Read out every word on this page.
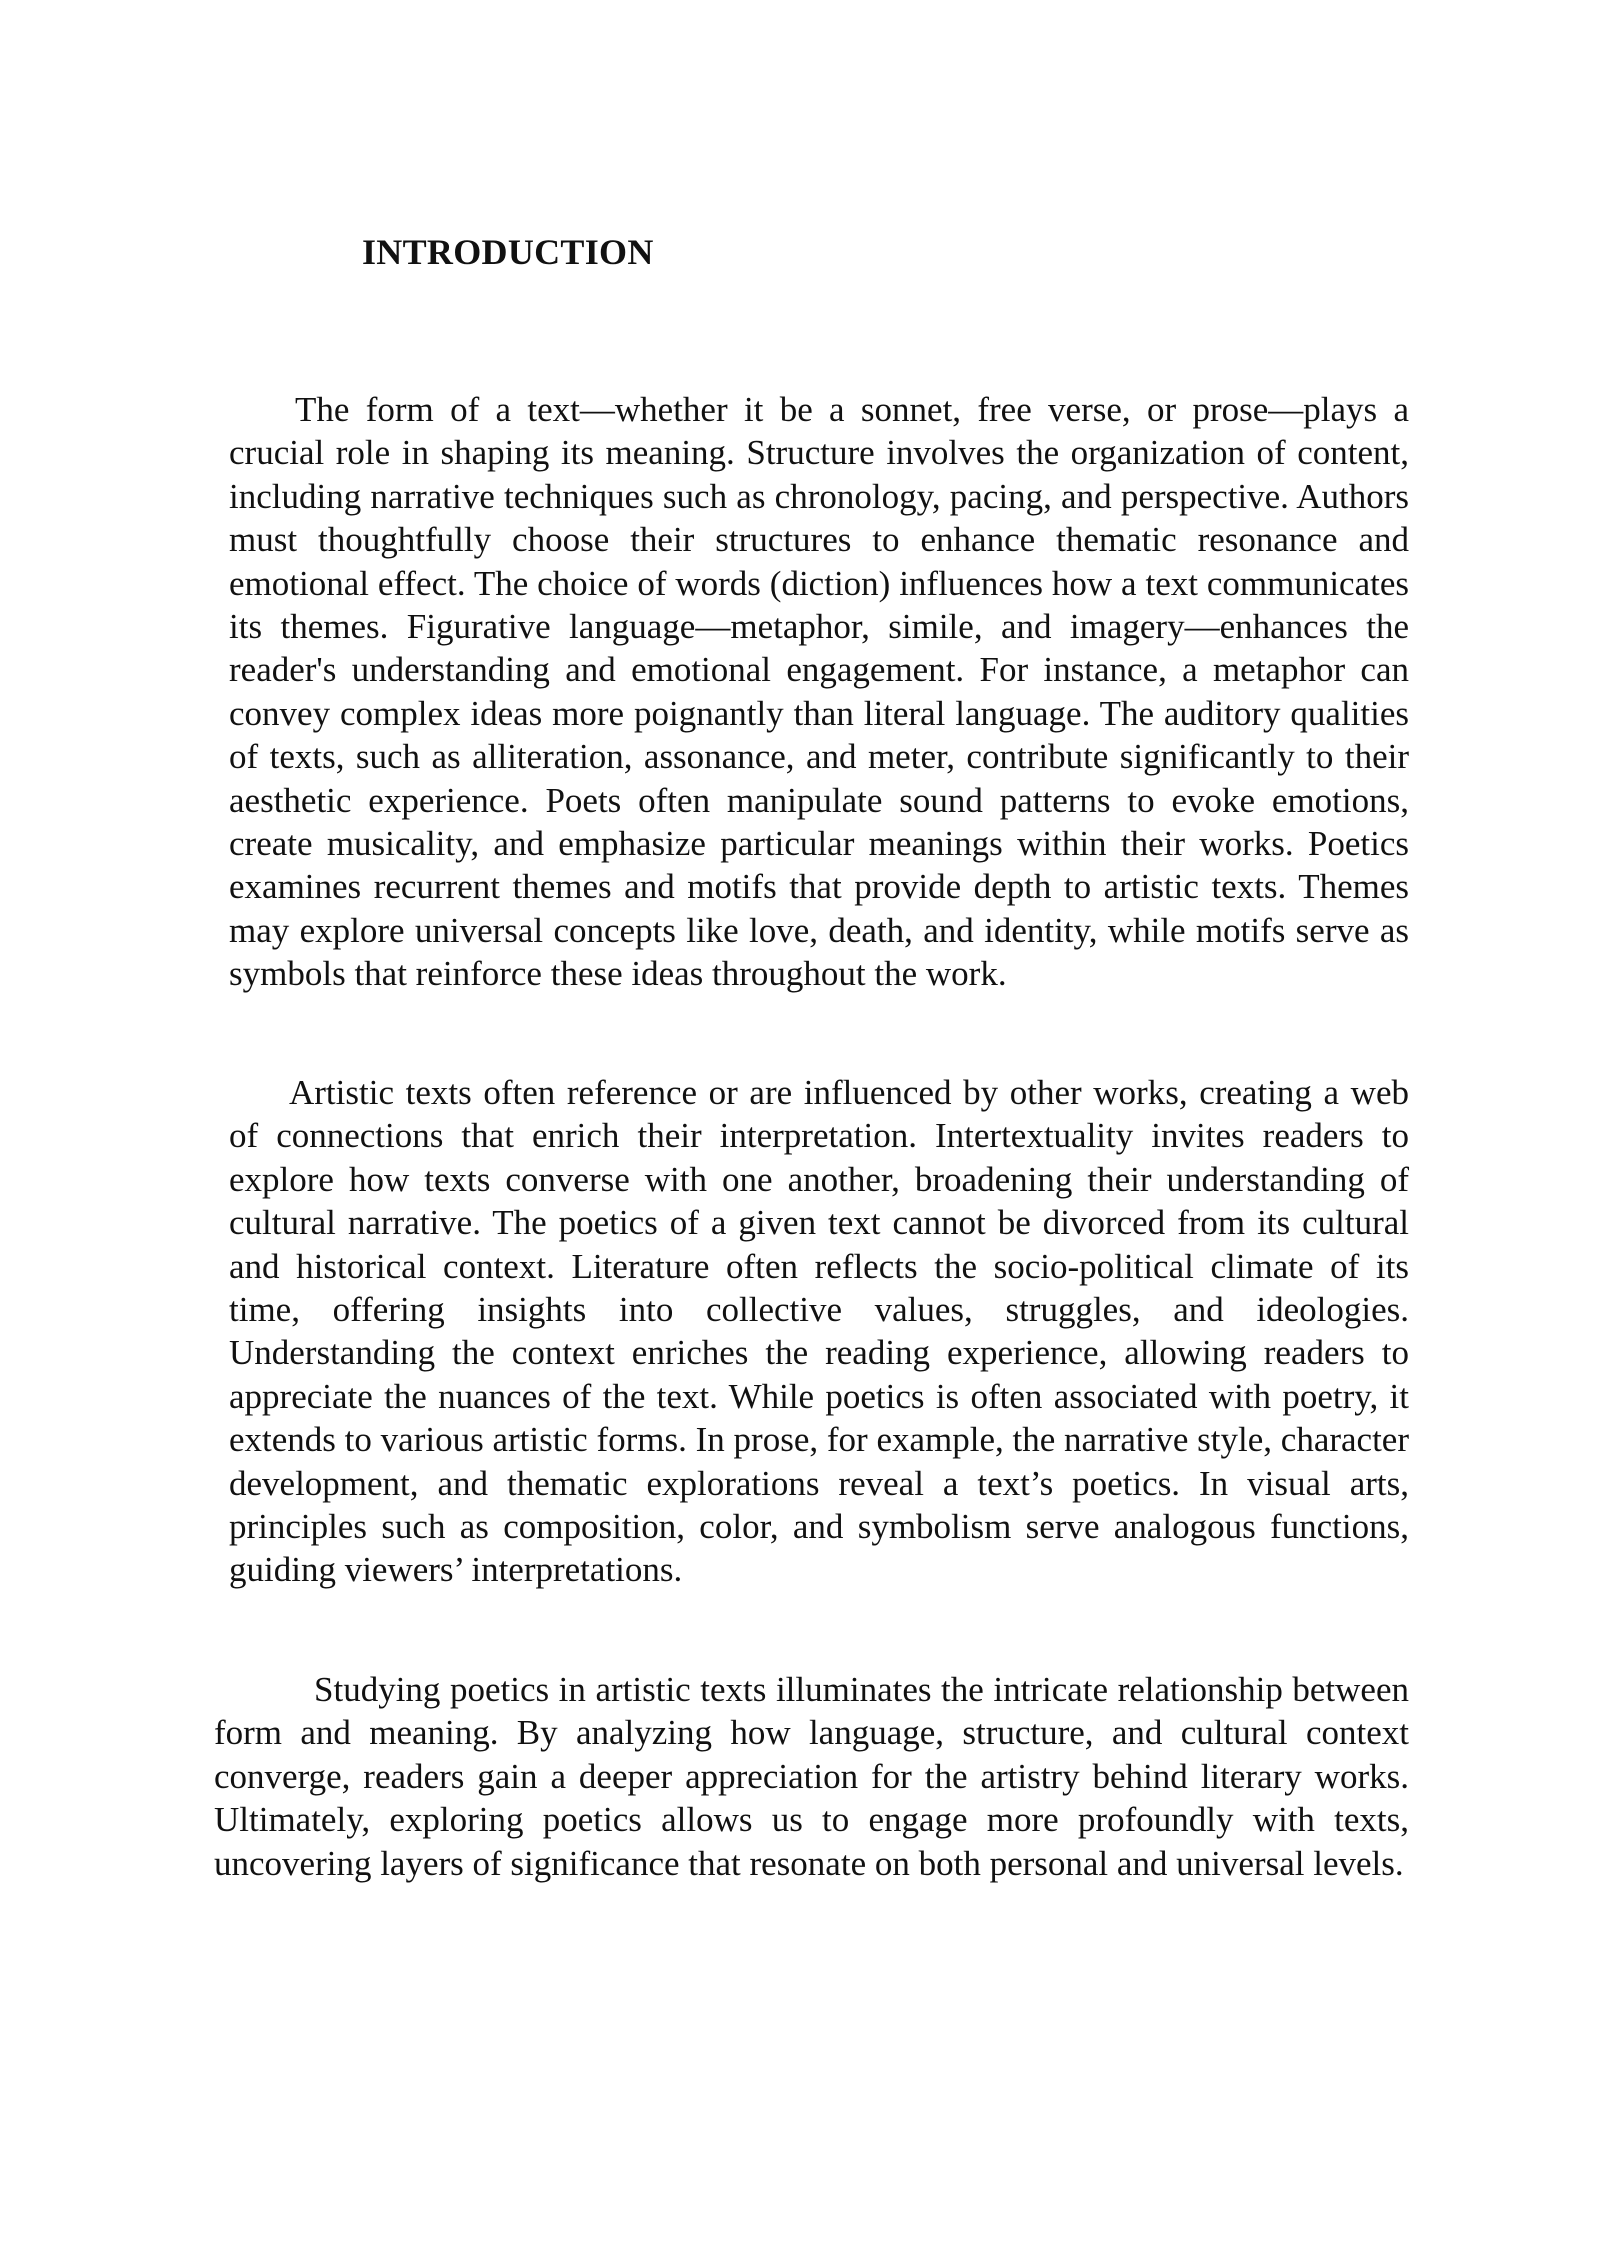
INTRODUCTION

The form of a text—whether it be a sonnet, free verse, or prose—plays a crucial role in shaping its meaning. Structure involves the organization of content, including narrative techniques such as chronology, pacing, and perspective. Authors must thoughtfully choose their structures to enhance thematic resonance and emotional effect. The choice of words (diction) influences how a text communicates its themes. Figurative language—metaphor, simile, and imagery—enhances the reader's understanding and emotional engagement. For instance, a metaphor can convey complex ideas more poignantly than literal language. The auditory qualities of texts, such as alliteration, assonance, and meter, contribute significantly to their aesthetic experience. Poets often manipulate sound patterns to evoke emotions, create musicality, and emphasize particular meanings within their works. Poetics examines recurrent themes and motifs that provide depth to artistic texts. Themes may explore universal concepts like love, death, and identity, while motifs serve as symbols that reinforce these ideas throughout the work.

Artistic texts often reference or are influenced by other works, creating a web of connections that enrich their interpretation. Intertextuality invites readers to explore how texts converse with one another, broadening their understanding of cultural narrative. The poetics of a given text cannot be divorced from its cultural and historical context. Literature often reflects the socio-political climate of its time, offering insights into collective values, struggles, and ideologies. Understanding the context enriches the reading experience, allowing readers to appreciate the nuances of the text. While poetics is often associated with poetry, it extends to various artistic forms. In prose, for example, the narrative style, character development, and thematic explorations reveal a text’s poetics. In visual arts, principles such as composition, color, and symbolism serve analogous functions, guiding viewers’ interpretations.

Studying poetics in artistic texts illuminates the intricate relationship between form and meaning. By analyzing how language, structure, and cultural context converge, readers gain a deeper appreciation for the artistry behind literary works. Ultimately, exploring poetics allows us to engage more profoundly with texts, uncovering layers of significance that resonate on both personal and universal levels.
